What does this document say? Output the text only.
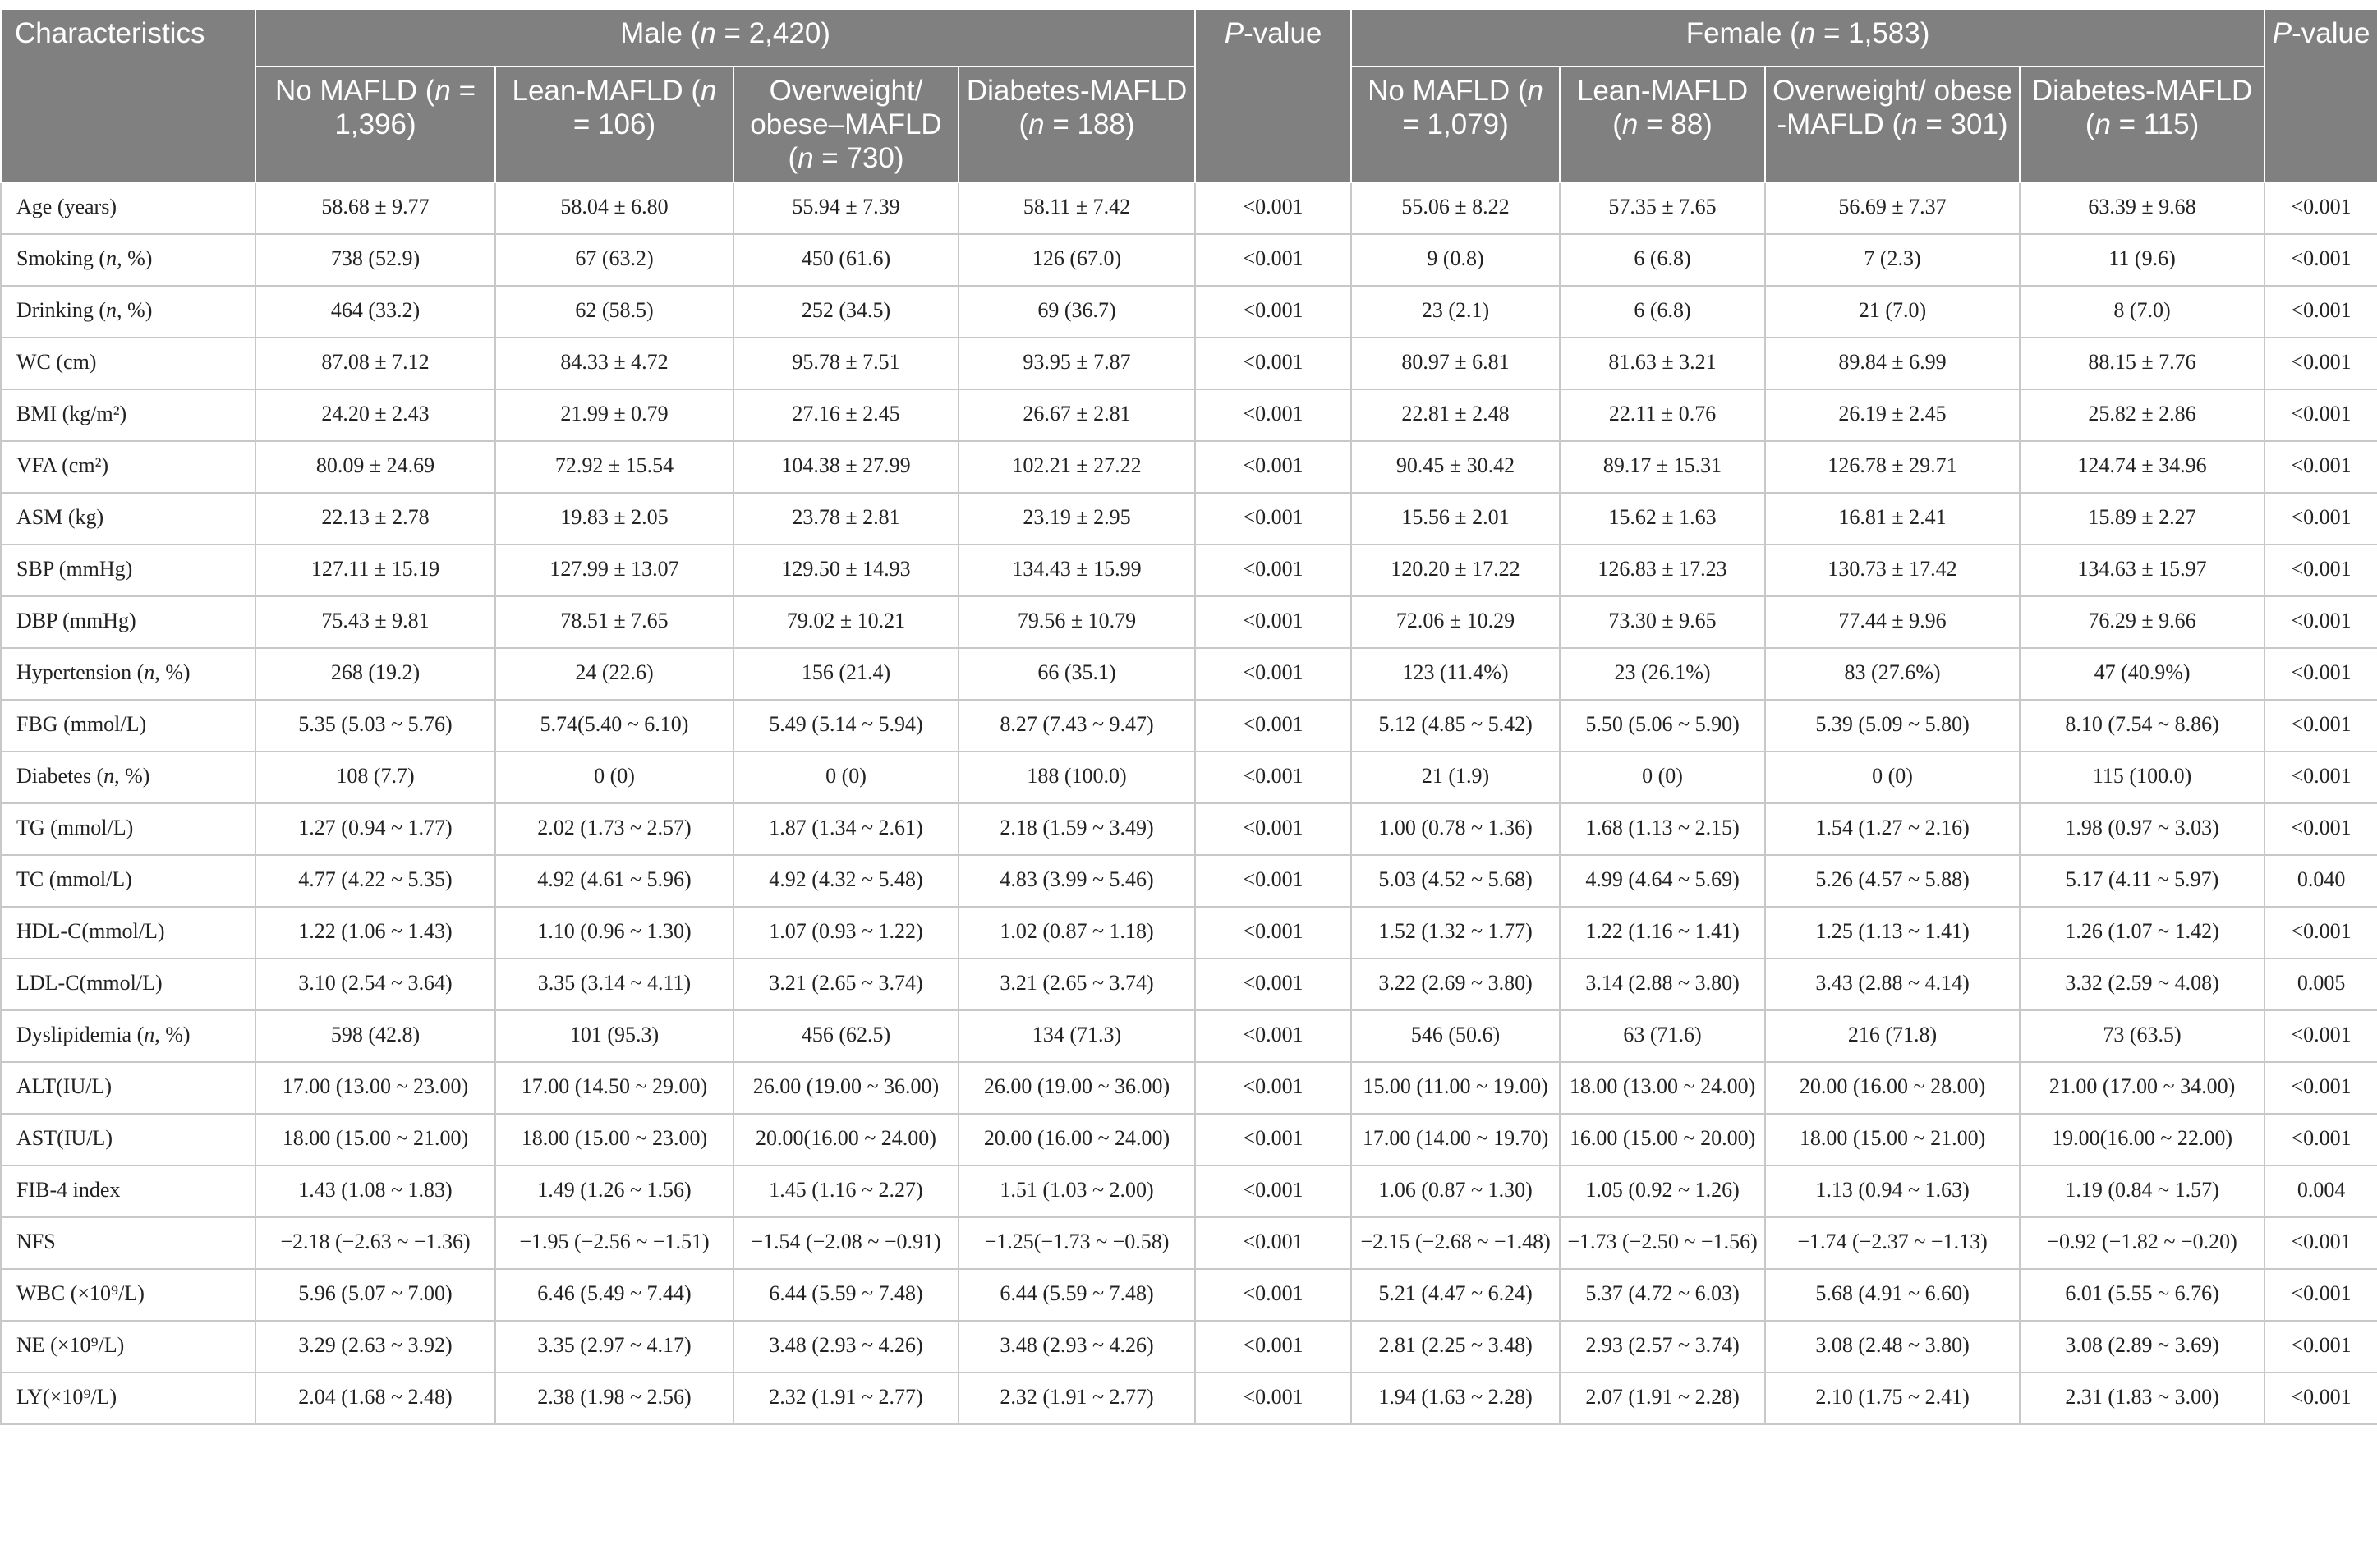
Characteristics	Male (n = 2,420)				P-value	Female (n = 1,583)				P-value
	No MAFLD (n = 1,396)	Lean-MAFLD (n = 106)	Overweight/ obese–MAFLD (n = 730)	Diabetes-MAFLD (n = 188)		No MAFLD (n = 1,079)	Lean-MAFLD (n = 88)	Overweight/ obese -MAFLD (n = 301)	Diabetes-MAFLD (n = 115)	
Age (years)	58.68 ± 9.77	58.04 ± 6.80	55.94 ± 7.39	58.11 ± 7.42	<0.001	55.06 ± 8.22	57.35 ± 7.65	56.69 ± 7.37	63.39 ± 9.68	<0.001
Smoking (n, %)	738 (52.9)	67 (63.2)	450 (61.6)	126 (67.0)	<0.001	9 (0.8)	6 (6.8)	7 (2.3)	11 (9.6)	<0.001
Drinking (n, %)	464 (33.2)	62 (58.5)	252 (34.5)	69 (36.7)	<0.001	23 (2.1)	6 (6.8)	21 (7.0)	8 (7.0)	<0.001
WC (cm)	87.08 ± 7.12	84.33 ± 4.72	95.78 ± 7.51	93.95 ± 7.87	<0.001	80.97 ± 6.81	81.63 ± 3.21	89.84 ± 6.99	88.15 ± 7.76	<0.001
BMI (kg/m²)	24.20 ± 2.43	21.99 ± 0.79	27.16 ± 2.45	26.67 ± 2.81	<0.001	22.81 ± 2.48	22.11 ± 0.76	26.19 ± 2.45	25.82 ± 2.86	<0.001
VFA (cm²)	80.09 ± 24.69	72.92 ± 15.54	104.38 ± 27.99	102.21 ± 27.22	<0.001	90.45 ± 30.42	89.17 ± 15.31	126.78 ± 29.71	124.74 ± 34.96	<0.001
ASM (kg)	22.13 ± 2.78	19.83 ± 2.05	23.78 ± 2.81	23.19 ± 2.95	<0.001	15.56 ± 2.01	15.62 ± 1.63	16.81 ± 2.41	15.89 ± 2.27	<0.001
SBP (mmHg)	127.11 ± 15.19	127.99 ± 13.07	129.50 ± 14.93	134.43 ± 15.99	<0.001	120.20 ± 17.22	126.83 ± 17.23	130.73 ± 17.42	134.63 ± 15.97	<0.001
DBP (mmHg)	75.43 ± 9.81	78.51 ± 7.65	79.02 ± 10.21	79.56 ± 10.79	<0.001	72.06 ± 10.29	73.30 ± 9.65	77.44 ± 9.96	76.29 ± 9.66	<0.001
Hypertension (n, %)	268 (19.2)	24 (22.6)	156 (21.4)	66 (35.1)	<0.001	123 (11.4%)	23 (26.1%)	83 (27.6%)	47 (40.9%)	<0.001
FBG (mmol/L)	5.35 (5.03 ~ 5.76)	5.74(5.40 ~ 6.10)	5.49 (5.14 ~ 5.94)	8.27 (7.43 ~ 9.47)	<0.001	5.12 (4.85 ~ 5.42)	5.50 (5.06 ~ 5.90)	5.39 (5.09 ~ 5.80)	8.10 (7.54 ~ 8.86)	<0.001
Diabetes (n, %)	108 (7.7)	0 (0)	0 (0)	188 (100.0)	<0.001	21 (1.9)	0 (0)	0 (0)	115 (100.0)	<0.001
TG (mmol/L)	1.27 (0.94 ~ 1.77)	2.02 (1.73 ~ 2.57)	1.87 (1.34 ~ 2.61)	2.18 (1.59 ~ 3.49)	<0.001	1.00 (0.78 ~ 1.36)	1.68 (1.13 ~ 2.15)	1.54 (1.27 ~ 2.16)	1.98 (0.97 ~ 3.03)	<0.001
TC (mmol/L)	4.77 (4.22 ~ 5.35)	4.92 (4.61 ~ 5.96)	4.92 (4.32 ~ 5.48)	4.83 (3.99 ~ 5.46)	<0.001	5.03 (4.52 ~ 5.68)	4.99 (4.64 ~ 5.69)	5.26 (4.57 ~ 5.88)	5.17 (4.11 ~ 5.97)	0.040
HDL-C(mmol/L)	1.22 (1.06 ~ 1.43)	1.10 (0.96 ~ 1.30)	1.07 (0.93 ~ 1.22)	1.02 (0.87 ~ 1.18)	<0.001	1.52 (1.32 ~ 1.77)	1.22 (1.16 ~ 1.41)	1.25 (1.13 ~ 1.41)	1.26 (1.07 ~ 1.42)	<0.001
LDL-C(mmol/L)	3.10 (2.54 ~ 3.64)	3.35 (3.14 ~ 4.11)	3.21 (2.65 ~ 3.74)	3.21 (2.65 ~ 3.74)	<0.001	3.22 (2.69 ~ 3.80)	3.14 (2.88 ~ 3.80)	3.43 (2.88 ~ 4.14)	3.32 (2.59 ~ 4.08)	0.005
Dyslipidemia (n, %)	598 (42.8)	101 (95.3)	456 (62.5)	134 (71.3)	<0.001	546 (50.6)	63 (71.6)	216 (71.8)	73 (63.5)	<0.001
ALT(IU/L)	17.00 (13.00 ~ 23.00)	17.00 (14.50 ~ 29.00)	26.00 (19.00 ~ 36.00)	26.00 (19.00 ~ 36.00)	<0.001	15.00 (11.00 ~ 19.00)	18.00 (13.00 ~ 24.00)	20.00 (16.00 ~ 28.00)	21.00 (17.00 ~ 34.00)	<0.001
AST(IU/L)	18.00 (15.00 ~ 21.00)	18.00 (15.00 ~ 23.00)	20.00(16.00 ~ 24.00)	20.00 (16.00 ~ 24.00)	<0.001	17.00 (14.00 ~ 19.70)	16.00 (15.00 ~ 20.00)	18.00 (15.00 ~ 21.00)	19.00(16.00 ~ 22.00)	<0.001
FIB-4 index	1.43 (1.08 ~ 1.83)	1.49 (1.26 ~ 1.56)	1.45 (1.16 ~ 2.27)	1.51 (1.03 ~ 2.00)	<0.001	1.06 (0.87 ~ 1.30)	1.05 (0.92 ~ 1.26)	1.13 (0.94 ~ 1.63)	1.19 (0.84 ~ 1.57)	0.004
NFS	−2.18 (−2.63 ~ −1.36)	−1.95 (−2.56 ~ −1.51)	−1.54 (−2.08 ~ −0.91)	−1.25(−1.73 ~ −0.58)	<0.001	−2.15 (−2.68 ~ −1.48)	−1.73 (−2.50 ~ −1.56)	−1.74 (−2.37 ~ −1.13)	−0.92 (−1.82 ~ −0.20)	<0.001
WBC (×10⁹/L)	5.96 (5.07 ~ 7.00)	6.46 (5.49 ~ 7.44)	6.44 (5.59 ~ 7.48)	6.44 (5.59 ~ 7.48)	<0.001	5.21 (4.47 ~ 6.24)	5.37 (4.72 ~ 6.03)	5.68 (4.91 ~ 6.60)	6.01 (5.55 ~ 6.76)	<0.001
NE (×10⁹/L)	3.29 (2.63 ~ 3.92)	3.35 (2.97 ~ 4.17)	3.48 (2.93 ~ 4.26)	3.48 (2.93 ~ 4.26)	<0.001	2.81 (2.25 ~ 3.48)	2.93 (2.57 ~ 3.74)	3.08 (2.48 ~ 3.80)	3.08 (2.89 ~ 3.69)	<0.001
LY(×10⁹/L)	2.04 (1.68 ~ 2.48)	2.38 (1.98 ~ 2.56)	2.32 (1.91 ~ 2.77)	2.32 (1.91 ~ 2.77)	<0.001	1.94 (1.63 ~ 2.28)	2.07 (1.91 ~ 2.28)	2.10 (1.75 ~ 2.41)	2.31 (1.83 ~ 3.00)	<0.001
